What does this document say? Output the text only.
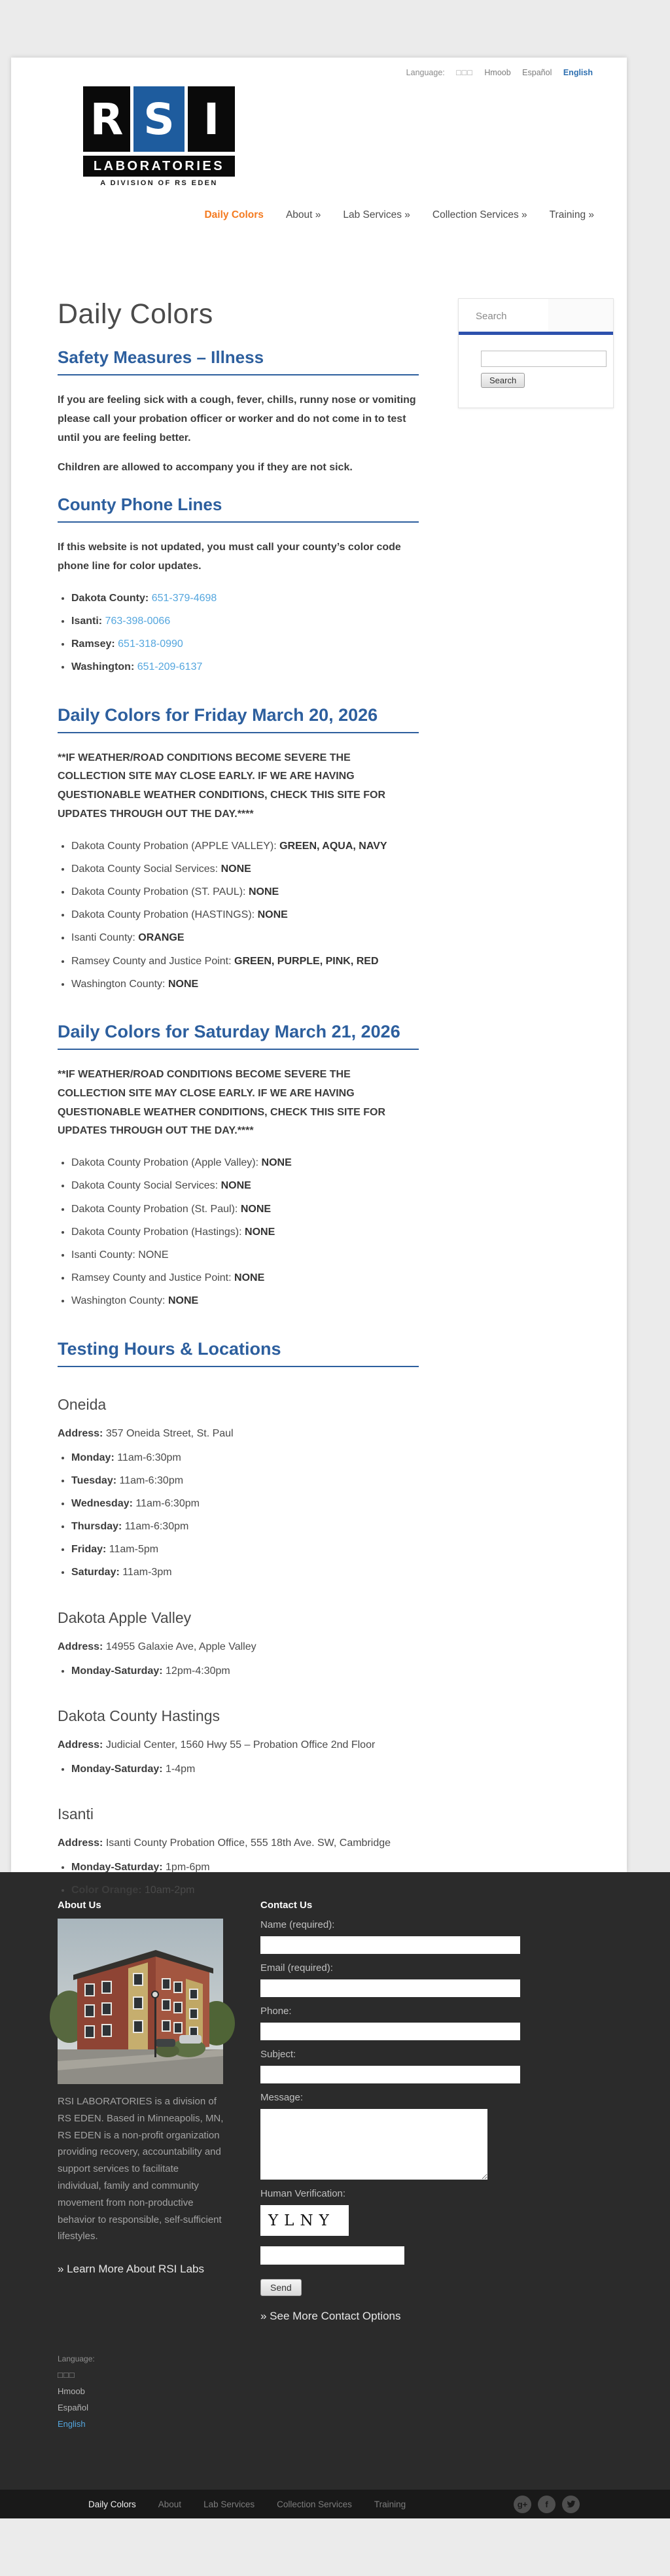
Language: □□□ Hmoob Español English
R S I
LABORATORIES
A DIVISION OF RS EDEN
Daily Colors About » Lab Services » Collection Services » Training »
Daily Colors
Safety Measures – Illness

If you are feeling sick with a cough, fever, chills, runny nose or vomiting please call your probation officer or worker and do not come in to test until you are feeling better.

Children are allowed to accompany you if they are not sick.

County Phone Lines

If this website is not updated, you must call your county’s color code phone line for color updates.

• Dakota County: 651-379-4698
• Isanti: 763-398-0066
• Ramsey: 651-318-0990
• Washington: 651-209-6137
Daily Colors for Friday March 20, 2026

**IF WEATHER/ROAD CONDITIONS BECOME SEVERE THE COLLECTION SITE MAY CLOSE EARLY. IF WE ARE HAVING QUESTIONABLE WEATHER CONDITIONS, CHECK THIS SITE FOR UPDATES THROUGH OUT THE DAY.****

• Dakota County Probation (APPLE VALLEY): GREEN, AQUA, NAVY
• Dakota County Social Services: NONE
• Dakota County Probation (ST. PAUL): NONE
• Dakota County Probation (HASTINGS): NONE
• Isanti County: ORANGE
• Ramsey County and Justice Point: GREEN, PURPLE, PINK, RED
• Washington County: NONE
Daily Colors for Saturday March 21, 2026

**IF WEATHER/ROAD CONDITIONS BECOME SEVERE THE COLLECTION SITE MAY CLOSE EARLY. IF WE ARE HAVING QUESTIONABLE WEATHER CONDITIONS, CHECK THIS SITE FOR UPDATES THROUGH OUT THE DAY.****

• Dakota County Probation (Apple Valley): NONE
• Dakota County Social Services: NONE
• Dakota County Probation (St. Paul): NONE
• Dakota County Probation (Hastings): NONE
• Isanti County: NONE
• Ramsey County and Justice Point: NONE
• Washington County: NONE
Testing Hours & Locations
Oneida

Address: 357 Oneida Street, St. Paul

• Monday: 11am-6:30pm
• Tuesday: 11am-6:30pm
• Wednesday: 11am-6:30pm
• Thursday: 11am-6:30pm
• Friday: 11am-5pm
• Saturday: 11am-3pm
Dakota Apple Valley

Address: 14955 Galaxie Ave, Apple Valley

• Monday-Saturday: 12pm-4:30pm
Dakota County Hastings

Address: Judicial Center, 1560 Hwy 55 – Probation Office 2nd Floor

• Monday-Saturday: 1-4pm
Isanti

Address: Isanti County Probation Office, 555 18th Ave. SW, Cambridge

• Monday-Saturday: 1pm-6pm
• Color Orange: 10am-2pm
Search
Search
About Us

RSI LABORATORIES is a division of RS EDEN. Based in Minneapolis, MN, RS EDEN is a non-profit organization providing recovery, accountability and support services to facilitate individual, family and community movement from non-productive behavior to responsible, self-sufficient lifestyles.

» Learn More About RSI Labs
Language:
□□□
Hmoob
Español
English
Contact Us
Name (required):
Email (required):
Phone:
Subject:
Message:
Human Verification:
YLNY
Send
» See More Contact Options
Daily Colors	About	Lab Services	Collection Services	Training	g+	f
